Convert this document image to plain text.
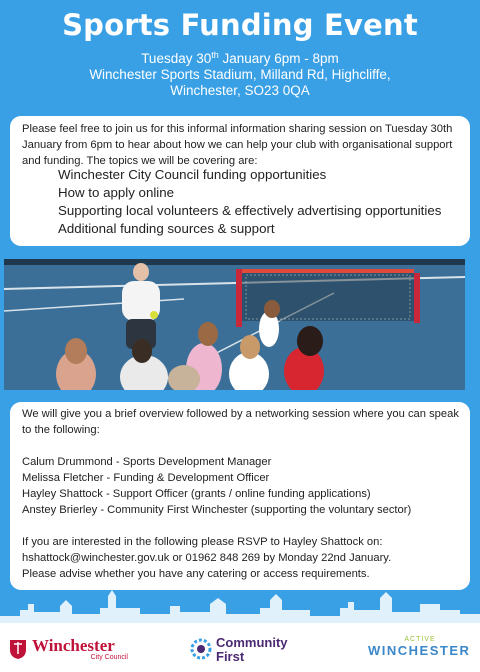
Sports Funding Event
Tuesday 30th January 6pm - 8pm
Winchester Sports Stadium, Milland Rd, Highcliffe,
Winchester, SO23 0QA
Please feel free to join us for this informal information sharing session on Tuesday 30th January from 6pm to hear about how we can help your club with organisational support and funding. The topics we will be covering are:
Winchester City Council funding opportunities
How to apply online
Supporting local volunteers & effectively advertising opportunities
Additional funding sources & support
We will give you a brief overview followed by a networking session where you can speak to the following:
Calum Drummond - Sports Development Manager
Melissa Fletcher - Funding & Development Officer
Hayley Shattock - Support Officer (grants / online funding applications)
Anstey Brierley - Community First Winchester (supporting the voluntary sector)
If you are interested in the following please RSVP to Hayley Shattock on:
hshattock@winchester.gov.uk or 01962 848 269 by Monday 22nd January.
Please advise whether you have any catering or access requirements.
Winchester
City Council
Community
First
ACTIVE
WINCHESTER
